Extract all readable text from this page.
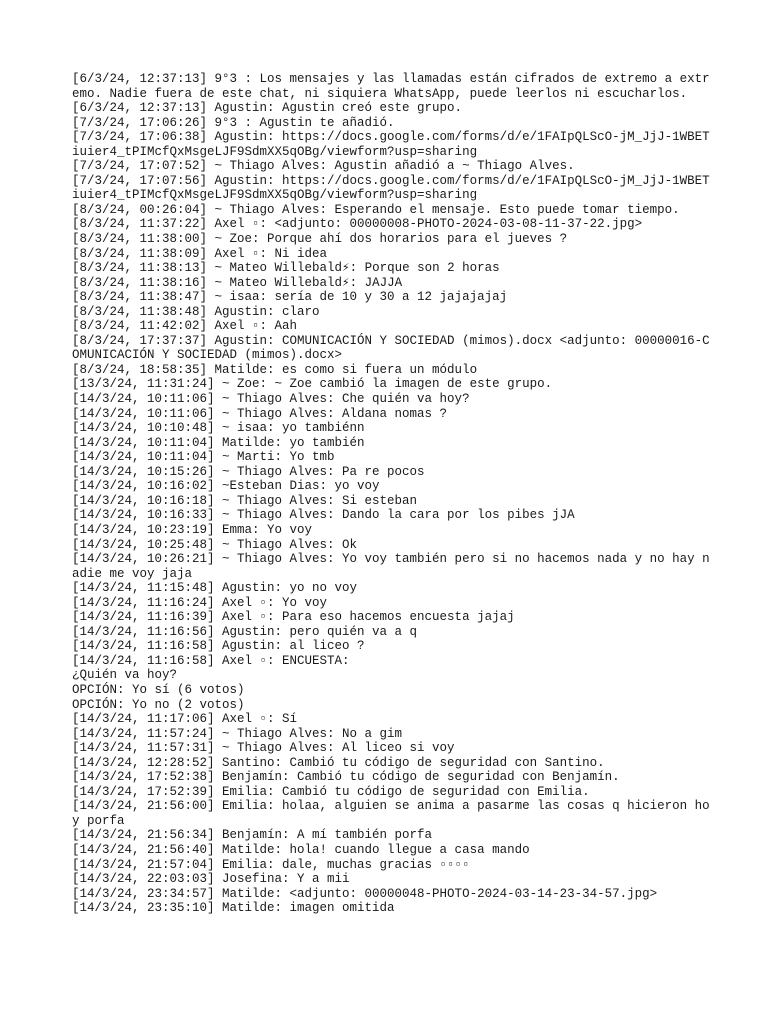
[6/3/24, 12:37:13] 9°3 : Los mensajes y las llamadas están cifrados de extremo a extremo. Nadie fuera de este chat, ni siquiera WhatsApp, puede leerlos ni escucharlos.
[6/3/24, 12:37:13] Agustin: Agustin creó este grupo.
[7/3/24, 17:06:26] 9°3 : Agustin te añadió.
[7/3/24, 17:06:38] Agustin: https://docs.google.com/forms/d/e/1FAIpQLScO-jM_JjJ-1WBETiuier4_tPIMcfQxMsgeLJF9SdmXX5qOBg/viewform?usp=sharing
[7/3/24, 17:07:52] ~ Thiago Alves: Agustin añadió a ~ Thiago Alves.
[7/3/24, 17:07:56] Agustin: https://docs.google.com/forms/d/e/1FAIpQLScO-jM_JjJ-1WBETiuier4_tPIMcfQxMsgeLJF9SdmXX5qOBg/viewform?usp=sharing
[8/3/24, 00:26:04] ~ Thiago Alves: Esperando el mensaje. Esto puede tomar tiempo.
[8/3/24, 11:37:22] Axel ▫: <adjunto: 00000008-PHOTO-2024-03-08-11-37-22.jpg>
[8/3/24, 11:38:00] ~ Zoe: Porque ahí dos horarios para el jueves ?
[8/3/24, 11:38:09] Axel ▫: Ni idea
[8/3/24, 11:38:13] ~ Mateo Willebald⚡: Porque son 2 horas
[8/3/24, 11:38:16] ~ Mateo Willebald⚡: JAJJA
[8/3/24, 11:38:47] ~ isaa: sería de 10 y 30 a 12 jajajajaj
[8/3/24, 11:38:48] Agustin: claro
[8/3/24, 11:42:02] Axel ▫: Aah
[8/3/24, 17:37:37] Agustin: COMUNICACIÓN Y SOCIEDAD (mimos).docx <adjunto: 00000016-COMUNICACIÓN Y SOCIEDAD (mimos).docx>
[8/3/24, 18:58:35] Matilde: es como si fuera un módulo
[13/3/24, 11:31:24] ~ Zoe: ~ Zoe cambió la imagen de este grupo.
[14/3/24, 10:11:06] ~ Thiago Alves: Che quién va hoy?
[14/3/24, 10:11:06] ~ Thiago Alves: Aldana nomas ?
[14/3/24, 10:10:48] ~ isaa: yo tambiénn
[14/3/24, 10:11:04] Matilde: yo también
[14/3/24, 10:11:04] ~ Marti: Yo tmb
[14/3/24, 10:15:26] ~ Thiago Alves: Pa re pocos
[14/3/24, 10:16:02] ~Esteban Dias: yo voy
[14/3/24, 10:16:18] ~ Thiago Alves: Si esteban
[14/3/24, 10:16:33] ~ Thiago Alves: Dando la cara por los pibes jJA
[14/3/24, 10:23:19] Emma: Yo voy
[14/3/24, 10:25:48] ~ Thiago Alves: Ok
[14/3/24, 10:26:21] ~ Thiago Alves: Yo voy también pero si no hacemos nada y no hay nadie me voy jaja
[14/3/24, 11:15:48] Agustin: yo no voy
[14/3/24, 11:16:24] Axel ▫: Yo voy
[14/3/24, 11:16:39] Axel ▫: Para eso hacemos encuesta jajaj
[14/3/24, 11:16:56] Agustin: pero quién va a q
[14/3/24, 11:16:58] Agustin: al liceo ?
[14/3/24, 11:16:58] Axel ▫: ENCUESTA:
¿Quién va hoy?
OPCIÓN: Yo sí (6 votos)
OPCIÓN: Yo no (2 votos)
[14/3/24, 11:17:06] Axel ▫: Sí
[14/3/24, 11:57:24] ~ Thiago Alves: No a gim
[14/3/24, 11:57:31] ~ Thiago Alves: Al liceo si voy
[14/3/24, 12:28:52] Santino: Cambió tu código de seguridad con Santino.
[14/3/24, 17:52:38] Benjamín: Cambió tu código de seguridad con Benjamín.
[14/3/24, 17:52:39] Emilia: Cambió tu código de seguridad con Emilia.
[14/3/24, 21:56:00] Emilia: holaa, alguien se anima a pasarme las cosas q hicieron hoy porfa
[14/3/24, 21:56:34] Benjamín: A mí también porfa
[14/3/24, 21:56:40] Matilde: hola! cuando llegue a casa mando
[14/3/24, 21:57:04] Emilia: dale, muchas gracias ▫▫▫▫
[14/3/24, 22:03:03] Josefina: Y a mii
[14/3/24, 23:34:57] Matilde: <adjunto: 00000048-PHOTO-2024-03-14-23-34-57.jpg>
[14/3/24, 23:35:10] Matilde: imagen omitida
